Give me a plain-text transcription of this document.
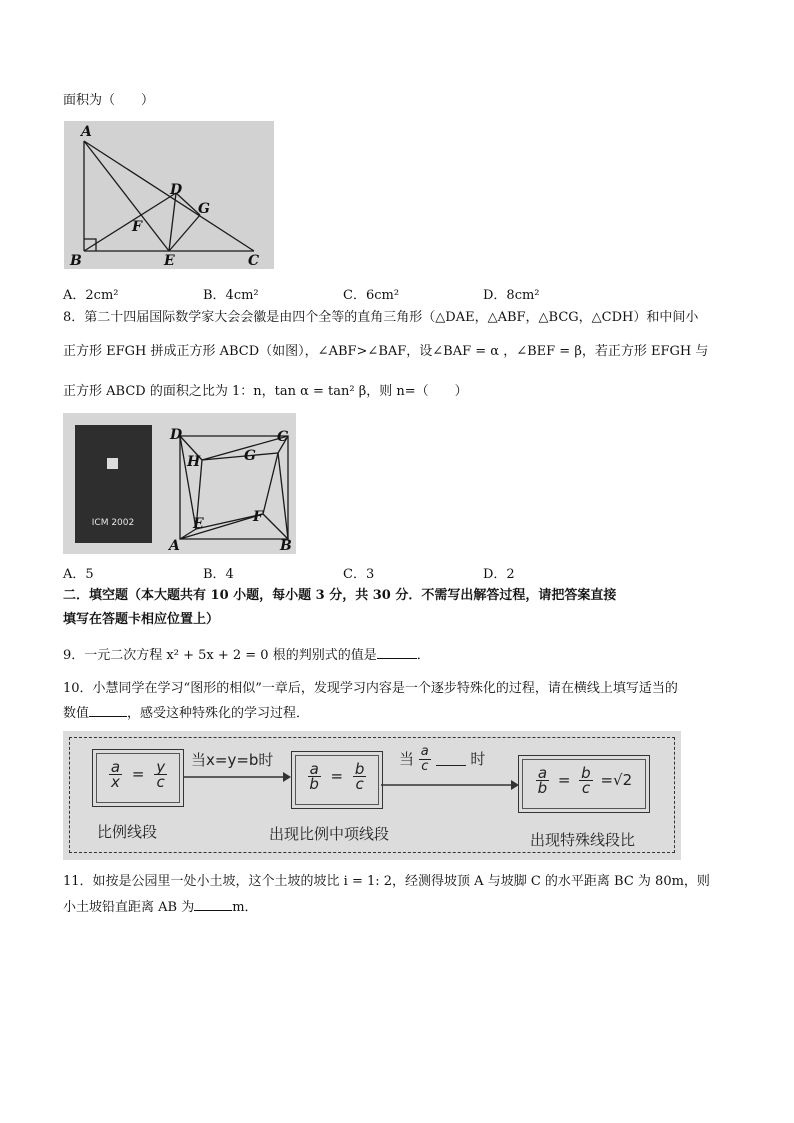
面积为（　　）
A
B	C
D
E
F
G
A．2cm²	B．4cm²	C．6cm²	D．8cm²
8．第二十四届国际数学家大会会徽是由四个全等的直角三角形（△DAE，△ABF，△BCG，△CDH）和中间小
正方形 EFGH 拼成正方形 ABCD（如图），∠ABF>∠BAF，设∠BAF = α ，∠BEF = β，若正方形 EFGH 与
正方形 ABCD 的面积之比为 1：n，tan α = tan² β，则 n=（　　）
ICM 2002
A	B
C
D
E	F
G
H
A．5	B．4	C．3	D．2
二．填空题（本大题共有 10 小题，每小题 3 分，共 30 分．不需写出解答过程，请把答案直接
填写在答题卡相应位置上）
9．一元二次方程 x² + 5x + 2 = 0 根的判别式的值是	．
10．小慧同学在学习“图形的相似”一章后，发现学习内容是一个逐步特殊化的过程，请在横线上填写适当的
数值	，感受这种特殊化的学习过程．
$\frac{a}{x} = \frac{y}{c}$
比例线段
当x=y=b时
$\frac{a}{b} = \frac{b}{c}$
出现比例中项线段
当 $\frac{a}{c}$	时
$\frac{a}{b} = \frac{b}{c} =√2$
出现特殊线段比
11．如按是公园里一处小土坡，这个土坡的坡比 i = 1: 2，经测得坡顶 A 与坡脚 C 的水平距离 BC 为 80m，则
小土坡铅直距离 AB 为	m．
